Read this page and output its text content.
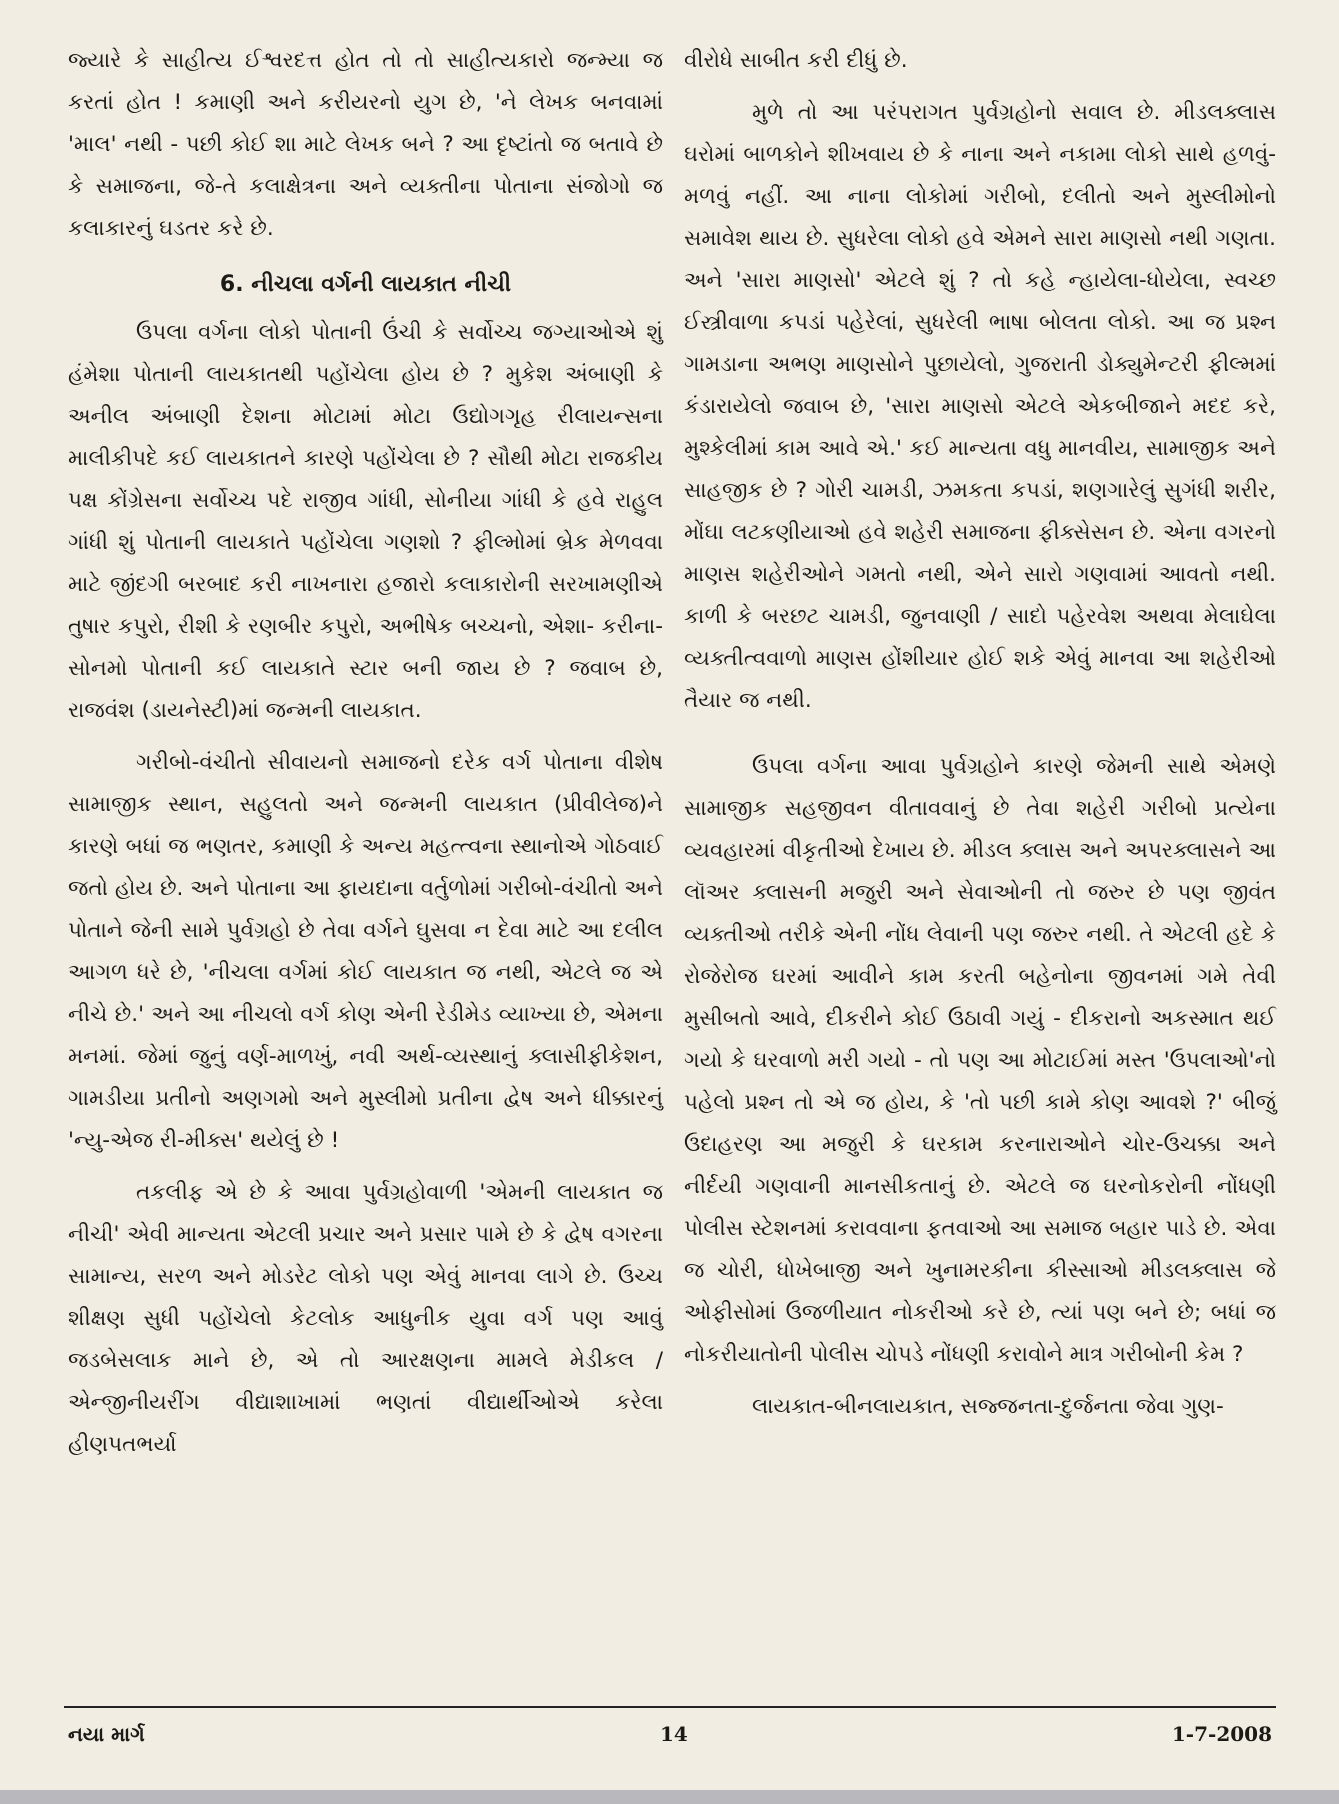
જ્યારે કે સાહીત્ય ઈશ્વરદત્ત હોત તો તો સાહીત્યકારો જન્મ્યા જ કરતાં હોત ! કમાણી અને કરીયરનો યુગ છે, 'ને લેખક બનવામાં 'માલ' નથી - પછી કોઈ શા માટે લેખક બને ? આ દૃષ્ટાંતો જ બતાવે છે કે સમાજના, જે-તે કલાક્ષેત્રના અને વ્યક્તીના પોતાના સંજોગો જ કલાકારનું ઘડતર કરે છે.

6. નીચલા વર્ગની લાયકાત નીચી

ઉપલા વર્ગના લોકો પોતાની ઉંચી કે સર્વોચ્ચ જગ્યાઓએ શું હંમેશા પોતાની લાયકાતથી પહોંચેલા હોય છે ? મુકેશ અંબાણી કે અનીલ અંબાણી દેશના મોટામાં મોટા ઉદ્યોગગૃહ રીલાયન્સના માલીકીપદે કઈ લાયકાતને કારણે પહોંચેલા છે ? સૌથી મોટા રાજકીય પક્ષ કોંગ્રેસના સર્વોચ્ચ પદે રાજીવ ગાંધી, સોનીયા ગાંધી કે હવે રાહુલ ગાંધી શું પોતાની લાયકાતે પહોંચેલા ગણશો ? ફીલ્મોમાં બ્રેક મેળવવા માટે જીંદગી બરબાદ કરી નાખનારા હજારો કલાકારોની સરખામણીએ તુષાર કપુરો, રીશી કે રણબીર કપુરો, અભીષેક બચ્ચનો, એશા- કરીના-સોનમો પોતાની કઈ લાયકાતે સ્ટાર બની જાય છે ? જવાબ છે, રાજવંશ (ડાયનેસ્ટી)માં જન્મની લાયકાત.

ગરીબો-વંચીતો સીવાયનો સમાજનો દરેક વર્ગ પોતાના વીશેષ સામાજીક સ્થાન, સહુલતો અને જન્મની લાયકાત (પ્રીવીલેજ)ને કારણે બધાં જ ભણતર, કમાણી કે અન્ય મહત્ત્વના સ્થાનોએ ગોઠવાઈ જતો હોય છે. અને પોતાના આ ફાયદાના વર્તુળોમાં ગરીબો-વંચીતો અને પોતાને જેની સામે પુર્વગ્રહો છે તેવા વર્ગને ઘુસવા ન દેવા માટે આ દલીલ આગળ ધરે છે, 'નીચલા વર્ગમાં કોઈ લાયકાત જ નથી, એટલે જ એ નીચે છે.' અને આ નીચલો વર્ગ કોણ એની રેડીમેડ વ્યાખ્યા છે, એમના મનમાં. જેમાં જુનું વર્ણ-માળખું, નવી અર્થ-વ્યસ્થાનું ક્લાસીફીકેશન, ગામડીયા પ્રતીનો અણગમો અને મુસ્લીમો પ્રતીના દ્વેષ અને ધીક્કારનું 'ન્યુ-એજ રી-મીક્સ' થયેલું છે !

તકલીફ એ છે કે આવા પુર્વગ્રહોવાળી 'એમની લાયકાત જ નીચી' એવી માન્યતા એટલી પ્રચાર અને પ્રસાર પામે છે કે દ્વેષ વગરના સામાન્ય, સરળ અને મોડરેટ લોકો પણ એવું માનવા લાગે છે. ઉચ્ચ શીક્ષણ સુધી પહોંચેલો કેટલોક આધુનીક યુવા વર્ગ પણ આવું જડબેસલાક માને છે, એ તો આરક્ષણના મામલે મેડીકલ / એન્જીનીયરીંગ વીદ્યાશાખામાં ભણતાં વીદ્યાર્થીઓએ કરેલા હીણપતભર્યા

વીરોધે સાબીત કરી દીધું છે.

મુળે તો આ પરંપરાગત પુર્વગ્રહોનો સવાલ છે. મીડલક્લાસ ઘરોમાં બાળકોને શીખવાય છે કે નાના અને નકામા લોકો સાથે હળવું-મળવું નહીં. આ નાના લોકોમાં ગરીબો, દલીતો અને મુસ્લીમોનો સમાવેશ થાય છે. સુધરેલા લોકો હવે એમને સારા માણસો નથી ગણતા. અને 'સારા માણસો' એટલે શું ? તો કહે ન્હાયેલા-ધોયેલા, સ્વચ્છ ઈસ્ત્રીવાળા કપડાં પહેરેલાં, સુધરેલી ભાષા બોલતા લોકો. આ જ પ્રશ્ન ગામડાના અભણ માણસોને પુછાયેલો, ગુજરાતી ડોક્યુમેન્ટરી ફીલ્મમાં કંડારાયેલો જવાબ છે, 'સારા માણસો એટલે એકબીજાને મદદ કરે, મુશ્કેલીમાં કામ આવે એ.' કઈ માન્યતા વધુ માનવીય, સામાજીક અને સાહજીક છે ? ગોરી ચામડી, ઝમકતા કપડાં, શણગારેલું સુગંધી શરીર, મોંઘા લટકણીયાઓ હવે શહેરી સમાજના ફીક્સેસન છે. એના વગરનો માણસ શહેરીઓને ગમતો નથી, એને સારો ગણવામાં આવતો નથી. કાળી કે બરછટ ચામડી, જુનવાણી / સાદો પહેરવેશ અથવા મેલાઘેલા વ્યક્તીત્વવાળો માણસ હોંશીયાર હોઈ શકે એવું માનવા આ શહેરીઓ તૈયાર જ નથી.

ઉપલા વર્ગના આવા પુર્વગ્રહોને કારણે જેમની સાથે એમણે સામાજીક સહજીવન વીતાવવાનું છે તેવા શહેરી ગરીબો પ્રત્યેના વ્યવહારમાં વીકૃતીઓ દેખાય છે. મીડલ ક્લાસ અને અપરક્લાસને આ લૉઅર ક્લાસની મજુરી અને સેવાઓની તો જરુર છે પણ જીવંત વ્યક્તીઓ તરીકે એની નોંધ લેવાની પણ જરુર નથી. તે એટલી હદે કે રોજેરોજ ઘરમાં આવીને કામ કરતી બહેનોના જીવનમાં ગમે તેવી મુસીબતો આવે, દીકરીને કોઈ ઉઠાવી ગયું - દીકરાનો અકસ્માત થઈ ગયો કે ઘરવાળો મરી ગયો - તો પણ આ મોટાઈમાં મસ્ત 'ઉપલાઓ'નો પહેલો પ્રશ્ન તો એ જ હોય, કે 'તો પછી કામે કોણ આવશે ?' બીજું ઉદાહરણ આ મજુરી કે ઘરકામ કરનારાઓને ચોર-ઉચક્કા અને નીર્દયી ગણવાની માનસીકતાનું છે. એટલે જ ઘરનોકરોની નોંધણી પોલીસ સ્ટેશનમાં કરાવવાના ફતવાઓ આ સમાજ બહાર પાડે છે. એવા જ ચોરી, ધોખેબાજી અને ખુનામરકીના કીસ્સાઓ મીડલક્લાસ જે ઓફીસોમાં ઉજળીયાત નોકરીઓ કરે છે, ત્યાં પણ બને છે; બધાં જ નોકરીયાતોની પોલીસ ચોપડે નોંધણી કરાવોને માત્ર ગરીબોની કેમ ?

લાયકાત-બીનલાયકાત, સજ્જનતા-દુર્જનતા જેવા ગુણ-

નયા માર્ગ	14	1-7-2008
